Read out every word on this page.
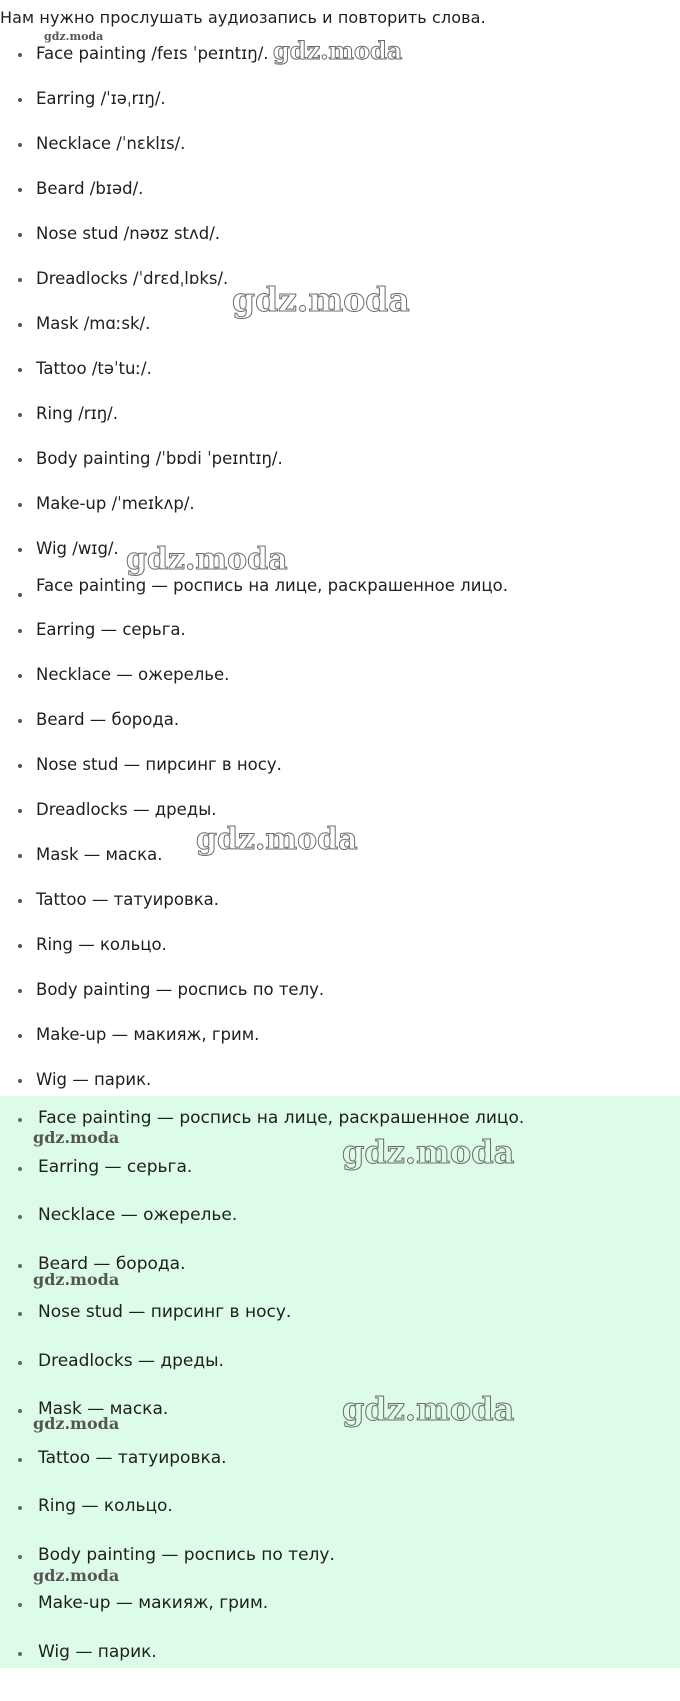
Нам нужно прослушать аудиозапись и повторить слова.
Face painting /feɪs ˈpeɪntɪŋ/.
Earring /ˈɪəˌrɪŋ/.
Necklace /ˈnɛklɪs/.
Beard /bɪəd/.
Nose stud /nəʊz stʌd/.
Dreadlocks /ˈdrɛdˌlɒks/.
Mask /mɑːsk/.
Tattoo /təˈtuː/.
Ring /rɪŋ/.
Body painting /ˈbɒdi ˈpeɪntɪŋ/.
Make-up /ˈmeɪkʌp/.
Wig /wɪg/.
Face painting — роспись на лице, раскрашенное лицо.
Earring — серьга.
Necklace — ожерелье.
Beard — борода.
Nose stud — пирсинг в носу.
Dreadlocks — дреды.
Mask — маска.
Tattoo — татуировка.
Ring — кольцо.
Body painting — роспись по телу.
Make-up — макияж, грим.
Wig — парик.
Face painting — роспись на лице, раскрашенное лицо.
Earring — серьга.
Necklace — ожерелье.
Beard — борода.
Nose stud — пирсинг в носу.
Dreadlocks — дреды.
Mask — маска.
Tattoo — татуировка.
Ring — кольцо.
Body painting — роспись по телу.
Make-up — макияж, грим.
Wig — парик.
gdz.moda	gdz.moda
gdz.moda
gdz.moda
gdz.moda
gdz.moda	gdz.moda
gdz.moda
gdz.moda	gdz.moda
gdz.moda
